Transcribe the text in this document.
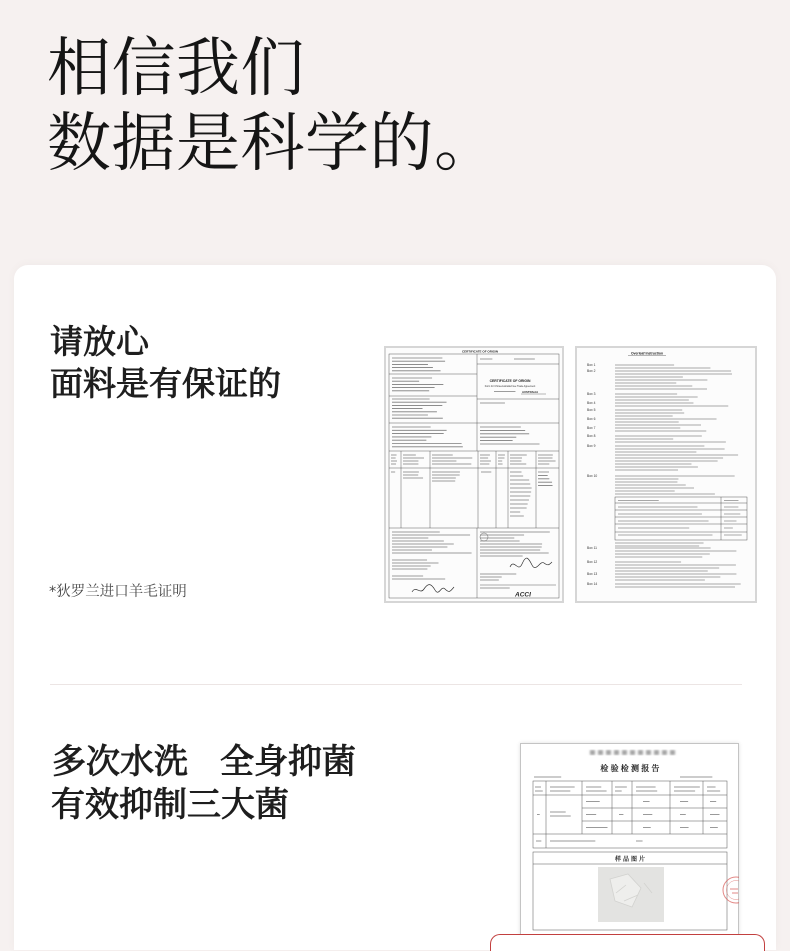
相信我们
数据是科学的。
请放心
面料是有保证的
*狄罗兰进口羊毛证明
CERTIFICATE OF ORIGIN
CERTIFICATE OF ORIGIN
Form for China-Australia Free Trade Agreement
AUSTRALIA
ACCI
Overleaf Instruction
Box 1
Box 2
Box 3
Box 4
Box 5
Box 6
Box 7
Box 8
Box 9
Box 10
Box 11
Box 12
Box 13
Box 14
多次水洗 全身抑菌
有效抑制三大菌
检验检测报告
样品图片
